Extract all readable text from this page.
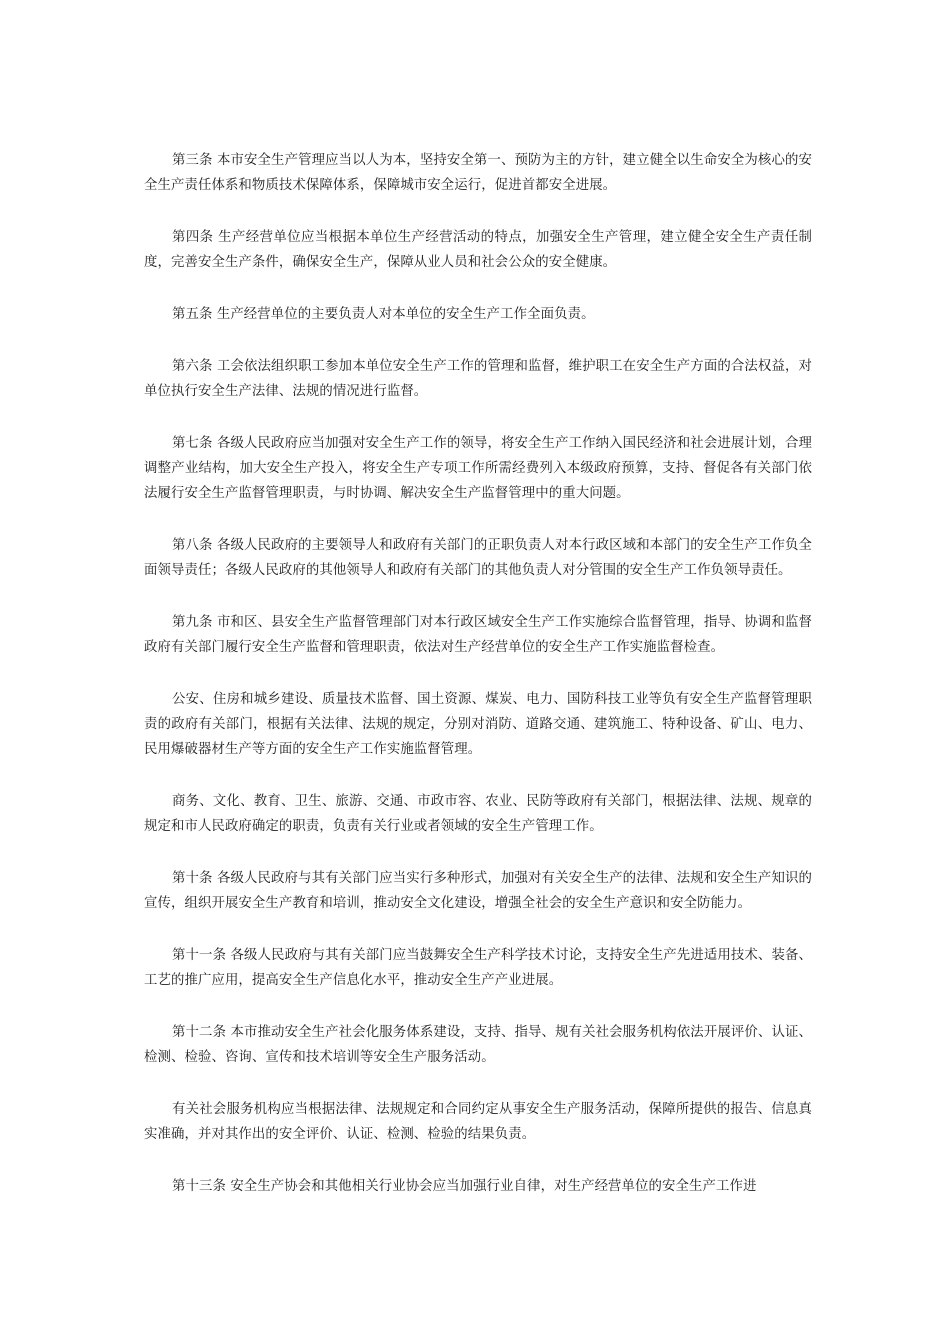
第三条 本市安全生产管理应当以人为本，坚持安全第一、预防为主的方针，建立健全以生命安全为核心的安全生产责任体系和物质技术保障体系，保障城市安全运行，促进首都安全进展。

第四条 生产经营单位应当根据本单位生产经营活动的特点，加强安全生产管理，建立健全安全生产责任制度，完善安全生产条件，确保安全生产，保障从业人员和社会公众的安全健康。

第五条 生产经营单位的主要负责人对本单位的安全生产工作全面负责。

第六条 工会依法组织职工参加本单位安全生产工作的管理和监督，维护职工在安全生产方面的合法权益，对单位执行安全生产法律、法规的情况进行监督。

第七条 各级人民政府应当加强对安全生产工作的领导，将安全生产工作纳入国民经济和社会进展计划，合理调整产业结构，加大安全生产投入，将安全生产专项工作所需经费列入本级政府预算，支持、督促各有关部门依法履行安全生产监督管理职责，与时协调、解决安全生产监督管理中的重大问题。

第八条 各级人民政府的主要领导人和政府有关部门的正职负责人对本行政区域和本部门的安全生产工作负全面领导责任；各级人民政府的其他领导人和政府有关部门的其他负责人对分管围的安全生产工作负领导责任。

第九条 市和区、县安全生产监督管理部门对本行政区域安全生产工作实施综合监督管理，指导、协调和监督政府有关部门履行安全生产监督和管理职责，依法对生产经营单位的安全生产工作实施监督检查。

公安、住房和城乡建设、质量技术监督、国土资源、煤炭、电力、国防科技工业等负有安全生产监督管理职责的政府有关部门，根据有关法律、法规的规定，分别对消防、道路交通、建筑施工、特种设备、矿山、电力、民用爆破器材生产等方面的安全生产工作实施监督管理。

商务、文化、教育、卫生、旅游、交通、市政市容、农业、民防等政府有关部门，根据法律、法规、规章的规定和市人民政府确定的职责，负责有关行业或者领域的安全生产管理工作。

第十条 各级人民政府与其有关部门应当实行多种形式，加强对有关安全生产的法律、法规和安全生产知识的宣传，组织开展安全生产教育和培训，推动安全文化建设，增强全社会的安全生产意识和安全防能力。

第十一条 各级人民政府与其有关部门应当鼓舞安全生产科学技术讨论，支持安全生产先进适用技术、装备、工艺的推广应用，提高安全生产信息化水平，推动安全生产产业进展。

第十二条 本市推动安全生产社会化服务体系建设，支持、指导、规有关社会服务机构依法开展评价、认证、检测、检验、咨询、宣传和技术培训等安全生产服务活动。

有关社会服务机构应当根据法律、法规规定和合同约定从事安全生产服务活动，保障所提供的报告、信息真实准确，并对其作出的安全评价、认证、检测、检验的结果负责。

第十三条 安全生产协会和其他相关行业协会应当加强行业自律，对生产经营单位的安全生产工作进
